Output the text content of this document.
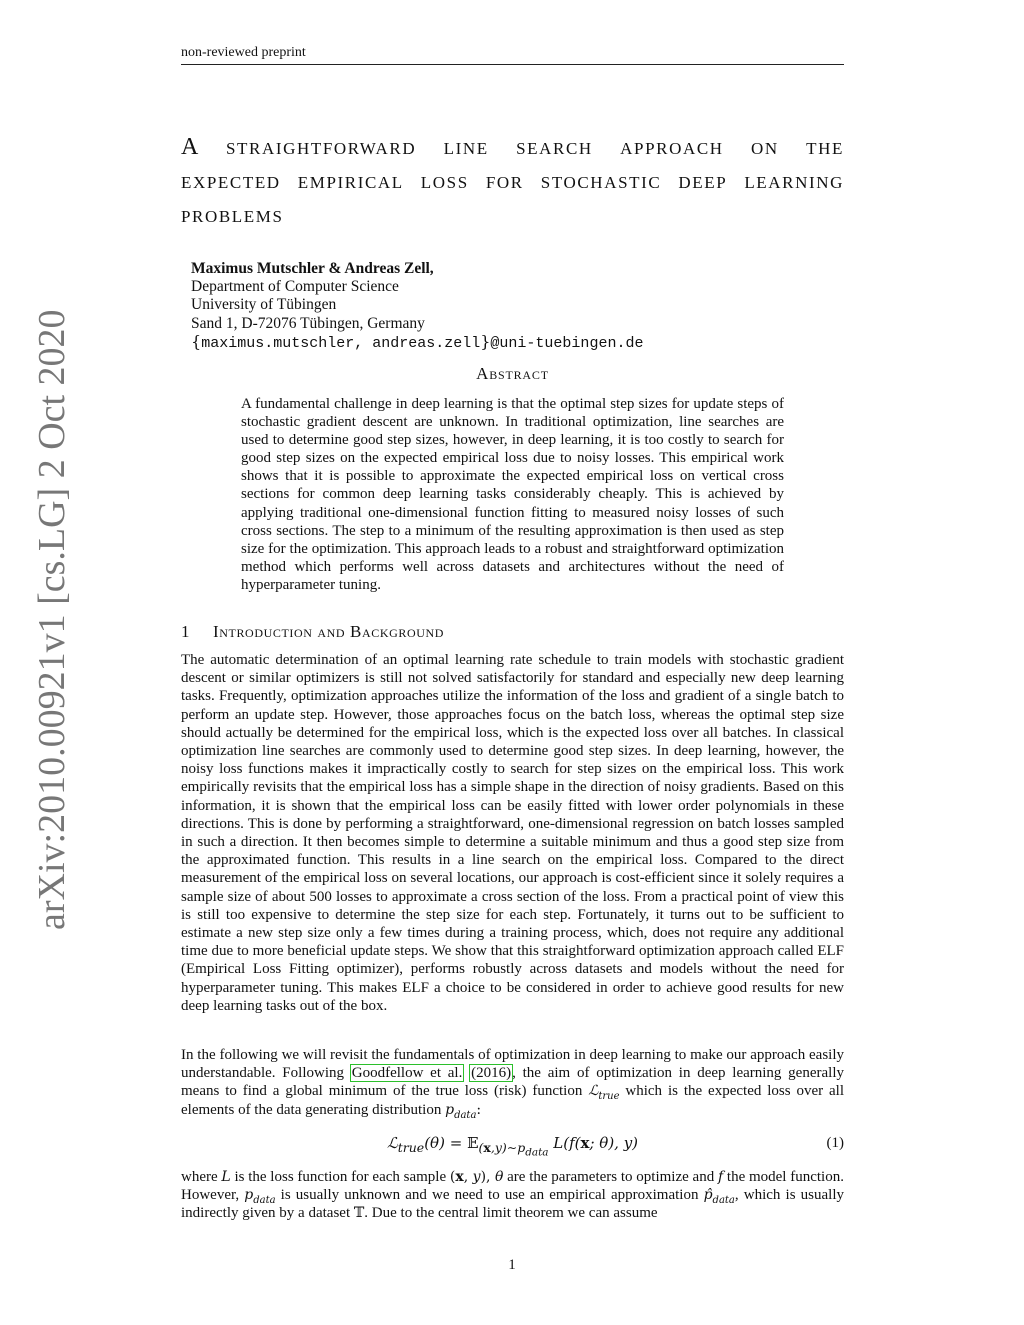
non-reviewed preprint
arXiv:2010.00921v1 [cs.LG] 2 Oct 2020
A straightforward line search approach on the expected empirical loss for stochastic deep learning problems
Maximus Mutschler & Andreas Zell,
Department of Computer Science
University of Tübingen
Sand 1, D-72076 Tübingen, Germany
{maximus.mutschler, andreas.zell}@uni-tuebingen.de
Abstract

A fundamental challenge in deep learning is that the optimal step sizes for update steps of stochastic gradient descent are unknown. In traditional optimization, line searches are used to determine good step sizes, however, in deep learning, it is too costly to search for good step sizes on the expected empirical loss due to noisy losses. This empirical work shows that it is possible to approximate the expected empirical loss on vertical cross sections for common deep learning tasks considerably cheaply. This is achieved by applying traditional one-dimensional function fitting to measured noisy losses of such cross sections. The step to a minimum of the resulting approximation is then used as step size for the optimization. This approach leads to a robust and straightforward optimization method which performs well across datasets and architectures without the need of hyperparameter tuning.

1 Introduction and Background

The automatic determination of an optimal learning rate schedule to train models with stochastic gradient descent or similar optimizers is still not solved satisfactorily for standard and especially new deep learning tasks. Frequently, optimization approaches utilize the information of the loss and gradient of a single batch to perform an update step. However, those approaches focus on the batch loss, whereas the optimal step size should actually be determined for the empirical loss, which is the expected loss over all batches. In classical optimization line searches are commonly used to determine good step sizes. In deep learning, however, the noisy loss functions makes it impractically costly to search for step sizes on the empirical loss. This work empirically revisits that the empirical loss has a simple shape in the direction of noisy gradients. Based on this information, it is shown that the empirical loss can be easily fitted with lower order polynomials in these directions. This is done by performing a straightforward, one-dimensional regression on batch losses sampled in such a direction. It then becomes simple to determine a suitable minimum and thus a good step size from the approximated function. This results in a line search on the empirical loss. Compared to the direct measurement of the empirical loss on several locations, our approach is cost-efficient since it solely requires a sample size of about 500 losses to approximate a cross section of the loss. From a practical point of view this is still too expensive to determine the step size for each step. Fortunately, it turns out to be sufficient to estimate a new step size only a few times during a training process, which, does not require any additional time due to more beneficial update steps. We show that this straightforward optimization approach called ELF (Empirical Loss Fitting optimizer), performs robustly across datasets and models without the need for hyperparameter tuning. This makes ELF a choice to be considered in order to achieve good results for new deep learning tasks out of the box.

In the following we will revisit the fundamentals of optimization in deep learning to make our approach easily understandable. Following Goodfellow et al. (2016), the aim of optimization in deep learning generally means to find a global minimum of the true loss (risk) function ℒ$_{true}$ which is the expected loss over all elements of the data generating distribution $p_{data}$:

ℒ$_{true}$(θ) = 𝔼$_{(x,y)\sim p_{data}}$ L(f(x; θ), y)	(1)

where L is the loss function for each sample (x, y), θ are the parameters to optimize and f the model function. However, $p_{data}$ is usually unknown and we need to use an empirical approximation $p̂_{data}$, which is usually indirectly given by a dataset 𝕋. Due to the central limit theorem we can assume

1
